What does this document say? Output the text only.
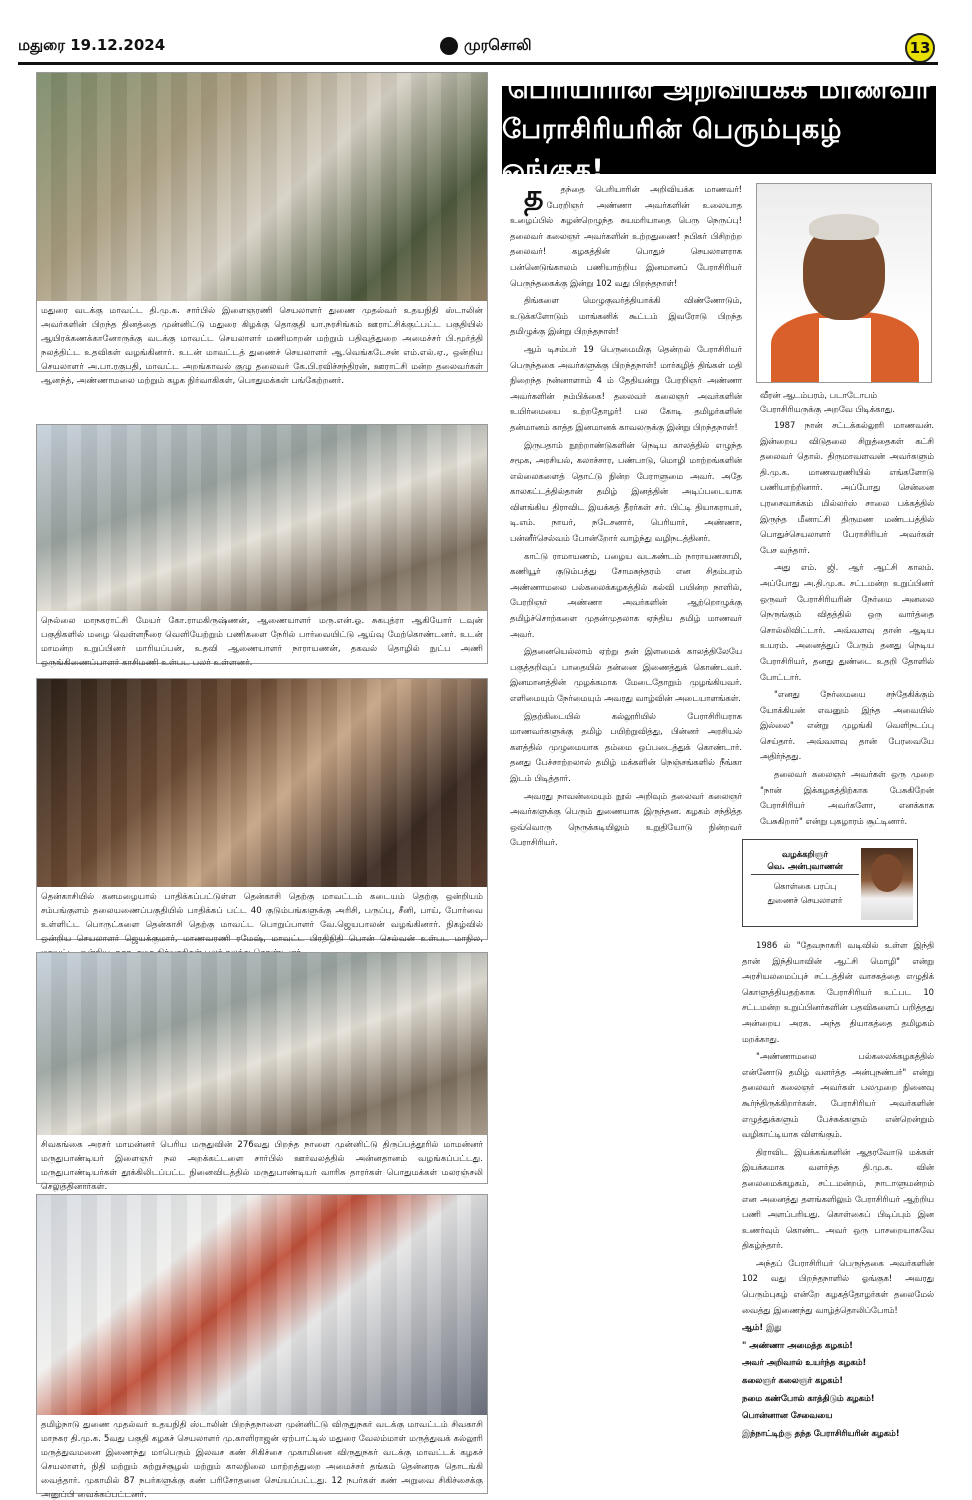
மதுரை 19.12.2024	முரசொலி	13
மதுரை வடக்கு மாவட்ட தி.மு.க. சார்பில் இளைஞரணி செயலாளர் துணை முதல்வர் உதயநிதி ஸ்டாலின் அவர்களின் பிறந்த தினத்தை முன்னிட்டு மதுரை கிழக்கு தொகுதி யா.நரசிங்கம் ஊராட்சிக்குட்பட்ட பகுதியில் ஆயிரக்கணக்கானோருக்கு வடக்கு மாவட்ட செயலாளர் மணிமாறன் மற்றும் பதிவுத்துறை அமைச்சர் பி.மூர்த்தி நலத்திட்ட உதவிகள் வழங்கினார். உடன் மாவட்டத் துணைச் செயலாளர் ஆ.வெங்கடேசன் எம்.எல்.ஏ., ஒன்றிய செயலாளர் அ.பா.ரகுபதி, மாவட்ட அறங்காவல் குழு தலைவர் கே.பி.ரவிச்சந்திரன், ஊராட்சி மன்ற தலைவர்கள் ஆனந்த், அண்ணாமலை மற்றும் கழக நிர்வாகிகள், பொதுமக்கள் பங்கேற்றனர்.
நெல்லை மாநகராட்சி மேயர் கோ.ராமகிருஷ்ணன், ஆணையாளர் மரு.என்.ஓ. சுகபுத்ரா ஆகியோர் டவுன் பகுதிகளில் மழை வெள்ளநீரை வெளியேற்றும் பணிகளை நேரில் பார்வையிட்டு ஆய்வு மேற்கொண்டனர். உடன் மாமன்ற உறுப்பினர் மாரியப்பன், உதவி ஆணையாளர் நாராயணன், தகவல் தொழில் நுட்ப அணி ஒருங்கிணைப்பாளர் காசிமணி உள்பட பலர் உள்ளனர்.
தென்காசியில் கனமழையால் பாதிக்கப்பட்டுள்ள தென்காசி தெற்கு மாவட்டம் கடையம் தெற்கு ஒன்றியம் சம்பங்குளம் தலையணைப்பகுதியில் பாதிக்கப் பட்ட 40 குடும்பங்களுக்கு அரிசி, பருப்பு, சீனி, பாய், போர்வை உள்ளிட்ட பொருட்களை தென்காசி தெற்கு மாவட்ட பொறுப்பாளர் வே.ஜெயபாலன் வழங்கினார். நிகழ்வில் ஒன்றிய செயலாளர் ஜெயக்குமார், மாணவரணி ரமேஷ், மாவட்ட பிரதிநிதி பொன் செல்வன் உள்பட மாநில,
சிவகங்கை அரசர் மாமன்னர் பெரிய மருதுவின் 276வது பிறந்த நாளை முன்னிட்டு திருப்பத்தூரில் மாமன்னர் மருதுபாண்டியர் இளைஞர் நல அறக்கட்டளை சார்பில் ஊர்வலத்தில் அன்னதானம் வழங்கப்பட்டது. மருதுபாண்டியர்கள் தூக்கிலிடப்பட்ட நினைவிடத்தில் மருதுபாண்டியர் வாரிசு தாரர்கள் பொதுமக்கள் மலரஞ்சலி செலுத்தினார்கள்.
தமிழ்நாடு துணை முதல்வர் உதயநிதி ஸ்டாலின் பிறந்தநாளை முன்னிட்டு விருதுநகர் வடக்கு மாவட்டம் சிவகாசி மாநகர தி.மு.க. 5வது பகுதி கழகச் செயலாளர் மு.காளிராஜன் ஏற்பாட்டில் மதுரை வேலம்மாள் மருத்துவக் கல்லூரி மருத்துவமனை இணைந்து மாபெரும் இலவச கண் சிகிச்சை முகாமினை விருதுநகர் வடக்கு மாவட்டக் கழகச் செயலாளர், நிதி மற்றும் சுற்றுச்சூழல் மற்றும் காலநிலை மாற்றத்துறை அமைச்சர் தங்கம் தென்னரசு தொடங்கி வைத்தார். முகாமில் 87 நபர்களுக்கு கண் பரிசோதனை செய்யப்பட்டது. 12 நபர்கள் கண் அறுவை சிகிச்சைக்கு அனுப்பி வைக்கப்பட்டனர்.
பெரியாரின் அறிவியக்க மாணவர்
பேராசிரியரின் பெரும்புகழ் ஓங்குக!

த தந்தை பெரியாரின் அறிவியக்க மாணவர்! பேரறிஞர் அண்ணா அவர்களின் உலையாத உழைப்பில் சுழன்றெழுந்த சுயமரியாதை பெரு நெருப்பு! தலைவர் கலைஞர் அவர்களின் உற்றதுணை! நபிகர் பிசிறற்ற தலைவர்! கழகத்தின் பொதுச் செயலாளராக பன்னெடுங்காலம் பணியாற்றிய இனமானப் பேராசிரியர் பெருந்தகைக்கு இன்று 102 வது பிறந்தநாள்!

திங்களை மெழுகுவர்த்தியாக்கி விண்ணோடும், உடுக்களோடும் மாங்கனிக் கூட்டம் இவரோடு பிறந்த தமிழுக்கு இன்று பிறந்தநாள்!

ஆம் டிசம்பர் 19 பெருமைமிகு தென்றல் பேராசிரியர் பெருந்தகை அவர்களுக்கு பிறந்தநாள்! மார்கழித் திங்கள் மதி நிறைந்த நன்னாளாம் 4 ம் தேதியன்று பேரறிஞர் அண்ணா அவர்களின் நம்பிக்கை! தலைவர் கலைஞர் அவர்களின் உயிர்மையை உற்றதோழர்! பல கோடி தமிழர்களின் தன்மானம் காத்த இனமானக் காவலருக்கு இன்று பிறந்தநாள்!

இருபதாம் நூற்றாண்டுகளின் நெடிய காலத்தில் எழுந்த சமூக, அரசியல், கலாச்சார, பண்பாடு, மொழி மாற்றங்களின் எல்லைகளைத் தொட்டு நின்ற பேராளுமை அவர். அதே காலகட்டத்தில்தான் தமிழ் இனத்தின் அடிப்படையாக விளங்கிய திராவிட இயக்கத் தீரர்கள் சர். பிட்டி தியாகராயர், டி.எம். நாயர், நடேசனார், பெரியார், அண்ணா, பன்னீர்செல்வம் போன்றோர் வாழ்ந்து வழிநடத்தினர்.

காட்டு ராமாயணம், பழைய வடகண்டம் நாராயணசாமி, கணியூர் குடும்பத்து சோமசுந்தரம் என சிதம்பரம் அண்ணாமலை பல்கலைக்கழகத்தில் கல்வி பயின்ற நாளில், பேரறிஞர் அண்ணா அவர்களின் ஆற்றொழுக்கு தமிழ்ச்சொற்களை முதன்முதலாக ஏந்திய தமிழ் மாணவர் அவர்.

இதனையெல்லாம் ஏற்று தன் இளமைக் காலத்திலேயே பகுத்தறிவுப் பாதையில் தன்னை இணைத்துக் கொண்டவர். இனமானத்தின் முழக்கமாக மேடைதோறும் முழங்கியவர். எளிமையும் நேர்மையும் அவரது வாழ்வின் அடையாளங்கள்.

இதற்கிடையில் கல்லூரியில் பேராசிரியராக மாணவர்களுக்கு தமிழ் பயிற்றுவித்து, பின்னர் அரசியல் களத்தில் முழுமையாக தம்மை ஒப்படைத்துக் கொண்டார். தனது பேச்சாற்றலால் தமிழ் மக்களின் நெஞ்சங்களில் நீங்கா இடம் பிடித்தார்.

அவரது நாவன்மையும் நூல் அறிவும் தலைவர் கலைஞர் அவர்களுக்கு பெரும் துணையாக இருந்தன. கழகம் சந்தித்த ஒவ்வொரு நெருக்கடியிலும் உறுதியோடு நின்றவர் பேராசிரியர்.

வீரன் ஆடம்பரம், படாடோபம் பேராசிரியருக்கு அறவே பிடிக்காது.

1987 நான் சட்டக்கல்லூரி மாணவன். இன்றைய விடுதலை சிறுத்தைகள் கட்சி தலைவர் தொல். திருமாவளவன் அவர்களும் தி.மு.க. மாணவரணியில் எங்களோடு பணியாற்றினார். அப்போது சென்னை புரசைவாக்கம் மில்லர்ஸ் சாலை பக்கத்தில் இருந்த மீனாட்சி திருமண மண்டபத்தில் பொதுச்செயலாளர் பேராசிரியர் அவர்கள் பேச வந்தார்.

அது எம். ஜி. ஆர் ஆட்சி காலம். அப்போது அ.தி.மு.க. சட்டமன்ற உறுப்பினர் ஒருவர் பேராசிரியரின் நேர்மை அனலை நெருங்கும் விதத்தில் ஒரு வார்த்தை சொல்லிவிட்டார். அவ்வளவு தான் ஆடிய உயரம். அனைத்துப் பேரும் தனது நெடிய பேராசிரியர், தனது துண்டை உதறி தோளில் போட்டார்.

"எனது நேர்மையை சந்தேகிக்கும் யோக்கியன் எவனும் இந்த அவையில் இல்லை" என்று முழங்கி வெளிநடப்பு செய்தார். அவ்வளவு தான் பேரவையே அதிர்ந்தது.

தலைவர் கலைஞர் அவர்கள் ஒரு முறை "நான் இக்கழகத்திற்காக பேசுகிறேன் பேராசிரியர் அவர்களோ, எனக்காக பேசுகிறார்" என்று புகழாரம் சூட்டினார்.

வழக்கறிஞர்
வெ. அன்புவாணன்
கொள்கை பரப்பு
துணைச் செயலாளர்

1986 ல் "தேவநாகரி வடிவில் உள்ள இந்தி தான் இந்தியாவின் ஆட்சி மொழி" என்று அரசியலமைப்புச் சட்டத்தின் வாசகத்தை எழுதிக் கொளுத்தியதற்காக பேராசிரியர் உட்பட 10 சட்டமன்ற உறுப்பினர்களின் பதவிகளைப் பறித்தது அன்றைய அரசு. அந்த தியாகத்தை தமிழகம் மறக்காது.

"அண்ணாமலை பல்கலைக்கழகத்தில் என்னோடு தமிழ் வளர்த்த அன்புநண்பர்" என்று தலைவர் கலைஞர் அவர்கள் பலமுறை நினைவு கூர்ந்திருக்கிறார்கள். பேராசிரியர் அவர்களின் எழுத்துக்களும் பேச்சுக்களும் என்றென்றும் வழிகாட்டியாக விளங்கும்.

திராவிட இயக்கங்களின் ஆதரவோடு மக்கள் இயக்கமாக வளர்ந்த தி.மு.க. வின் தலைமைக்கழகம், சட்டமன்றம், நாடாளுமன்றம் என அனைத்து தளங்களிலும் பேராசிரியர் ஆற்றிய பணி அளப்பரியது. கொள்கைப் பிடிப்பும் இன உணர்வும் கொண்ட அவர் ஒரு பாசறையாகவே திகழ்ந்தார்.

அந்தப் பேராசிரியர் பெருந்தகை அவர்களின் 102 வது பிறந்தநாளில் ஓங்குக! அவரது பெரும்புகழ் என்றே கழகத்தோழர்கள் தலைமேல் வைத்து இணைந்து வாழ்த்தொலிப்போம்!

ஆம்! இது

" அண்ணா அமைத்த கழகம்!

அவர் அறிவால் உயர்ந்த கழகம்!

கலைஞர் கலைஞர் கழகம்!

நமை கண்போல் காத்திடும் கழகம்!

பொன்னான சேவையை

இந்நாட்டிற்கு தந்த பேராசிரியரின் கழகம்!
